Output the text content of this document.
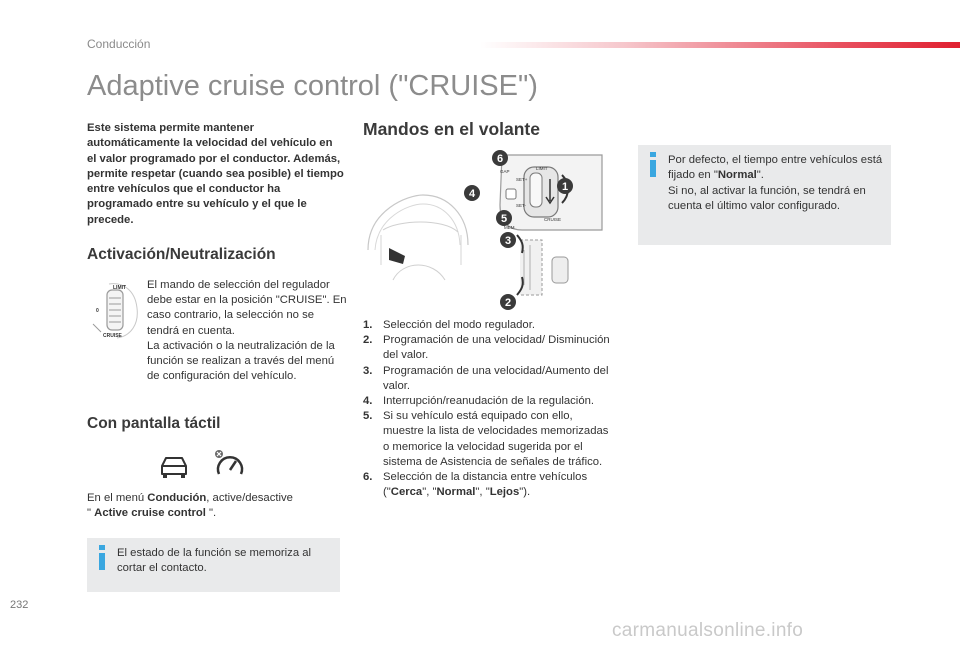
Conducción
Adaptive cruise control ("CRUISE")
Este sistema permite mantener automáticamente la velocidad del vehículo en el valor programado por el conductor. Además, permite respetar (cuando sea posible) el tiempo entre vehículos que el conductor ha programado entre su vehículo y el que le precede.
Activación/Neutralización
LIMIT
0
CRUISE
El mando de selección del regulador debe estar en la posición "CRUISE". En caso contrario, la selección no se tendrá en cuenta.
La activación o la neutralización de la función se realizan a través del menú de configuración del vehículo.
Con pantalla táctil
En el menú Condución, active/desactive
" Active cruise control ".
El estado de la función se memoriza al cortar el contacto.
Mandos en el volante
LIMIT
SET+
SET-
CRUISE
MEM
GAP
6
4
1
5
3
2
1. Selección del modo regulador.
2. Programación de una velocidad/ Disminución del valor.
3. Programación de una velocidad/Aumento del valor.
4. Interrupción/reanudación de la regulación.
5. Si su vehículo está equipado con ello, muestre la lista de velocidades memorizadas o memorice la velocidad sugerida por el sistema de Asistencia de señales de tráfico.
6. Selección de la distancia entre vehículos ("Cerca", "Normal", "Lejos").
Por defecto, el tiempo entre vehículos está fijado en "Normal".
Si no, al activar la función, se tendrá en cuenta el último valor configurado.
232
carmanualsonline.info
